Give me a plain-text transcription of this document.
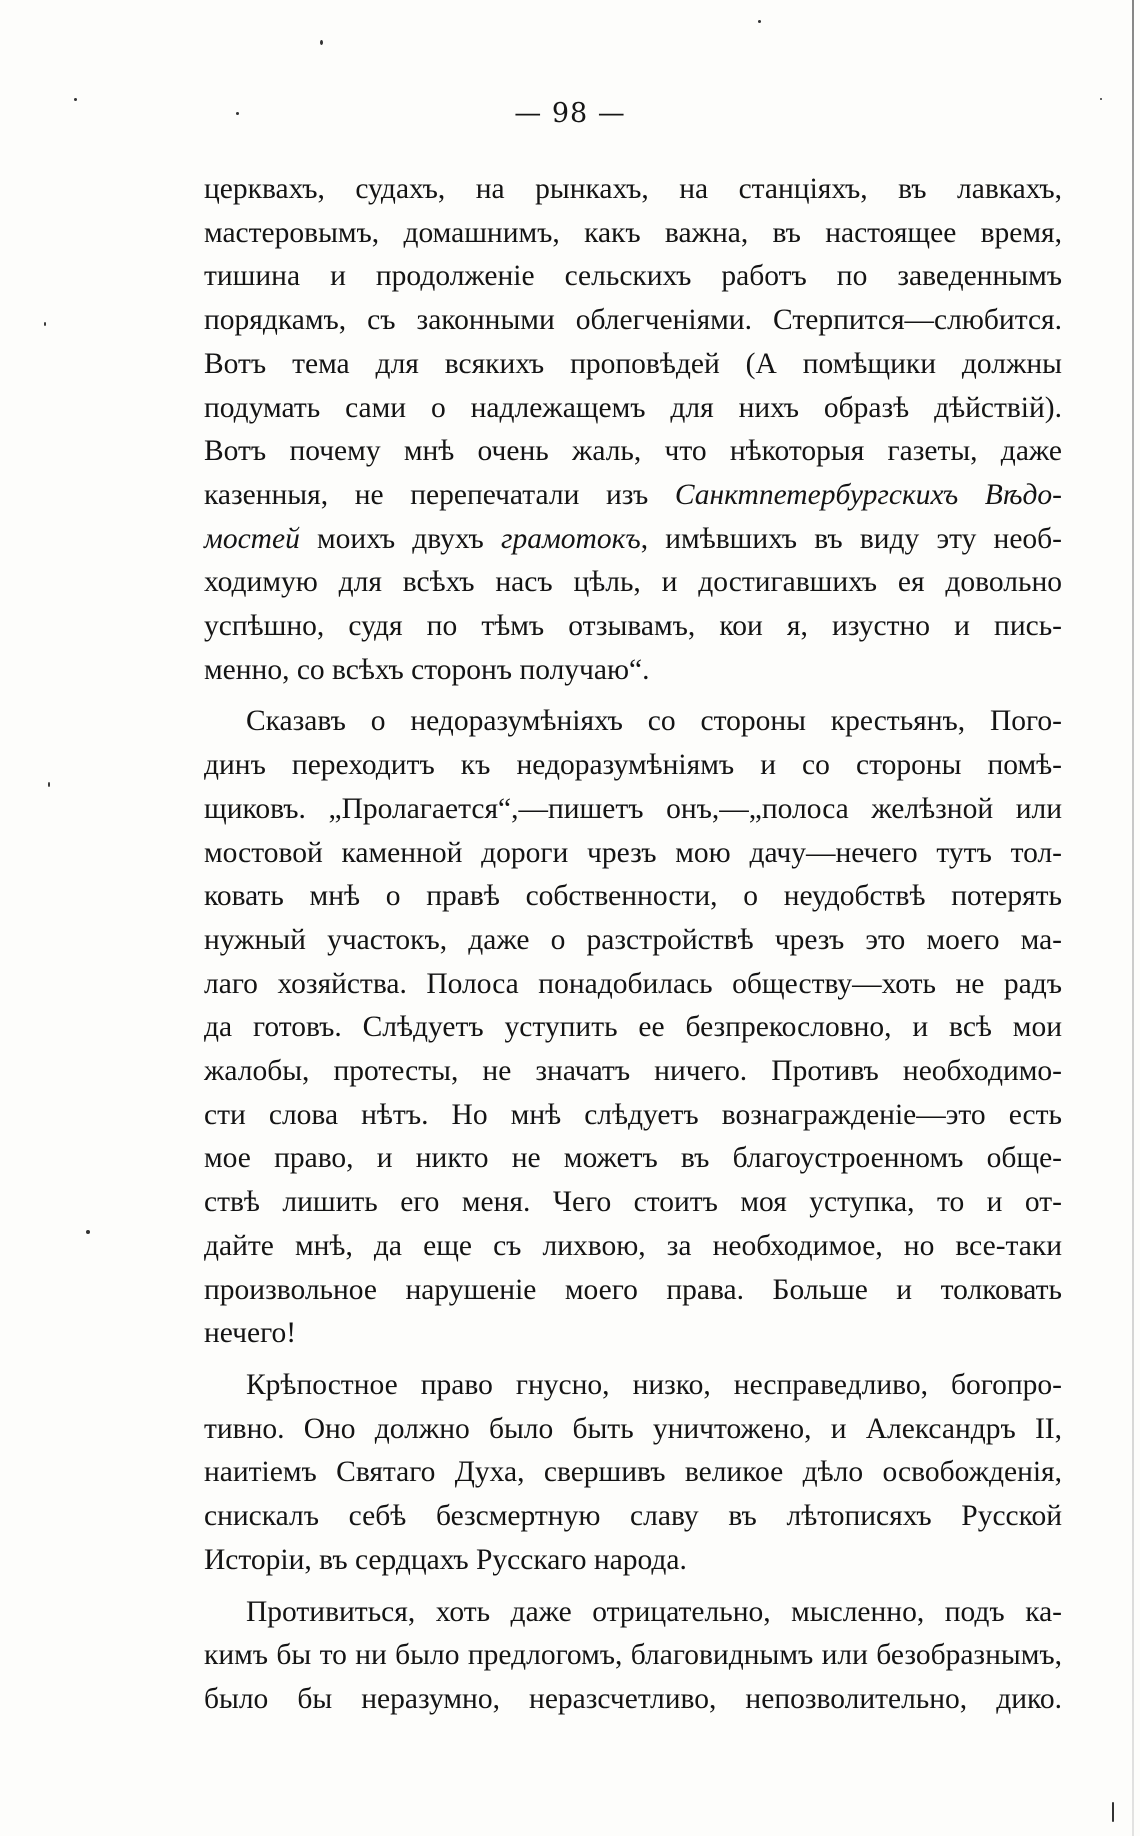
— 98 —
церквахъ, судахъ, на рынкахъ, на станціяхъ, въ лавкахъ,
мастеровымъ, домашнимъ, какъ важна, въ настоящее время,
тишина и продолженіе сельскихъ работъ по заведеннымъ
порядкамъ, съ законными облегченіями. Стерпится—слюбится.
Вотъ тема для всякихъ проповѣдей (А помѣщики должны
подумать сами о надлежащемъ для нихъ образѣ дѣйствій).
Вотъ почему мнѣ очень жаль, что нѣкоторыя газеты, даже
казенныя, не перепечатали изъ Санктпетербургскихъ Вѣдо-
мостей моихъ двухъ грамотокъ, имѣвшихъ въ виду эту необ-
ходимую для всѣхъ насъ цѣль, и достигавшихъ ея довольно
успѣшно, судя по тѣмъ отзывамъ, кои я, изустно и пись-
менно, со всѣхъ сторонъ получаю“.
Сказавъ о недоразумѣніяхъ со стороны крестьянъ, Пого-
динъ переходитъ къ недоразумѣніямъ и со стороны помѣ-
щиковъ. „Пролагается“,—пишетъ онъ,—„полоса желѣзной или
мостовой каменной дороги чрезъ мою дачу—нечего тутъ тол-
ковать мнѣ о правѣ собственности, о неудобствѣ потерять
нужный участокъ, даже о разстройствѣ чрезъ это моего ма-
лаго хозяйства. Полоса понадобилась обществу—хоть не радъ
да готовъ. Слѣдуетъ уступить ее безпрекословно, и всѣ мои
жалобы, протесты, не значатъ ничего. Противъ необходимо-
сти слова нѣтъ. Но мнѣ слѣдуетъ вознагражденіе—это есть
мое право, и никто не можетъ въ благоустроенномъ обще-
ствѣ лишить его меня. Чего стоитъ моя уступка, то и от-
дайте мнѣ, да еще съ лихвою, за необходимое, но все-таки
произвольное нарушеніе моего права. Больше и толковать
нечего!
Крѣпостное право гнусно, низко, несправедливо, богопро-
тивно. Оно должно было быть уничтожено, и Александръ II,
наитіемъ Святаго Духа, свершивъ великое дѣло освобожденія,
снискалъ себѣ безсмертную славу въ лѣтописяхъ Русской
Исторіи, въ сердцахъ Русскаго народа.
Противиться, хоть даже отрицательно, мысленно, подъ ка-
кимъ бы то ни было предлогомъ, благовиднымъ или безобразнымъ,
было бы неразумно, неразсчетливо, непозволительно, дико.
